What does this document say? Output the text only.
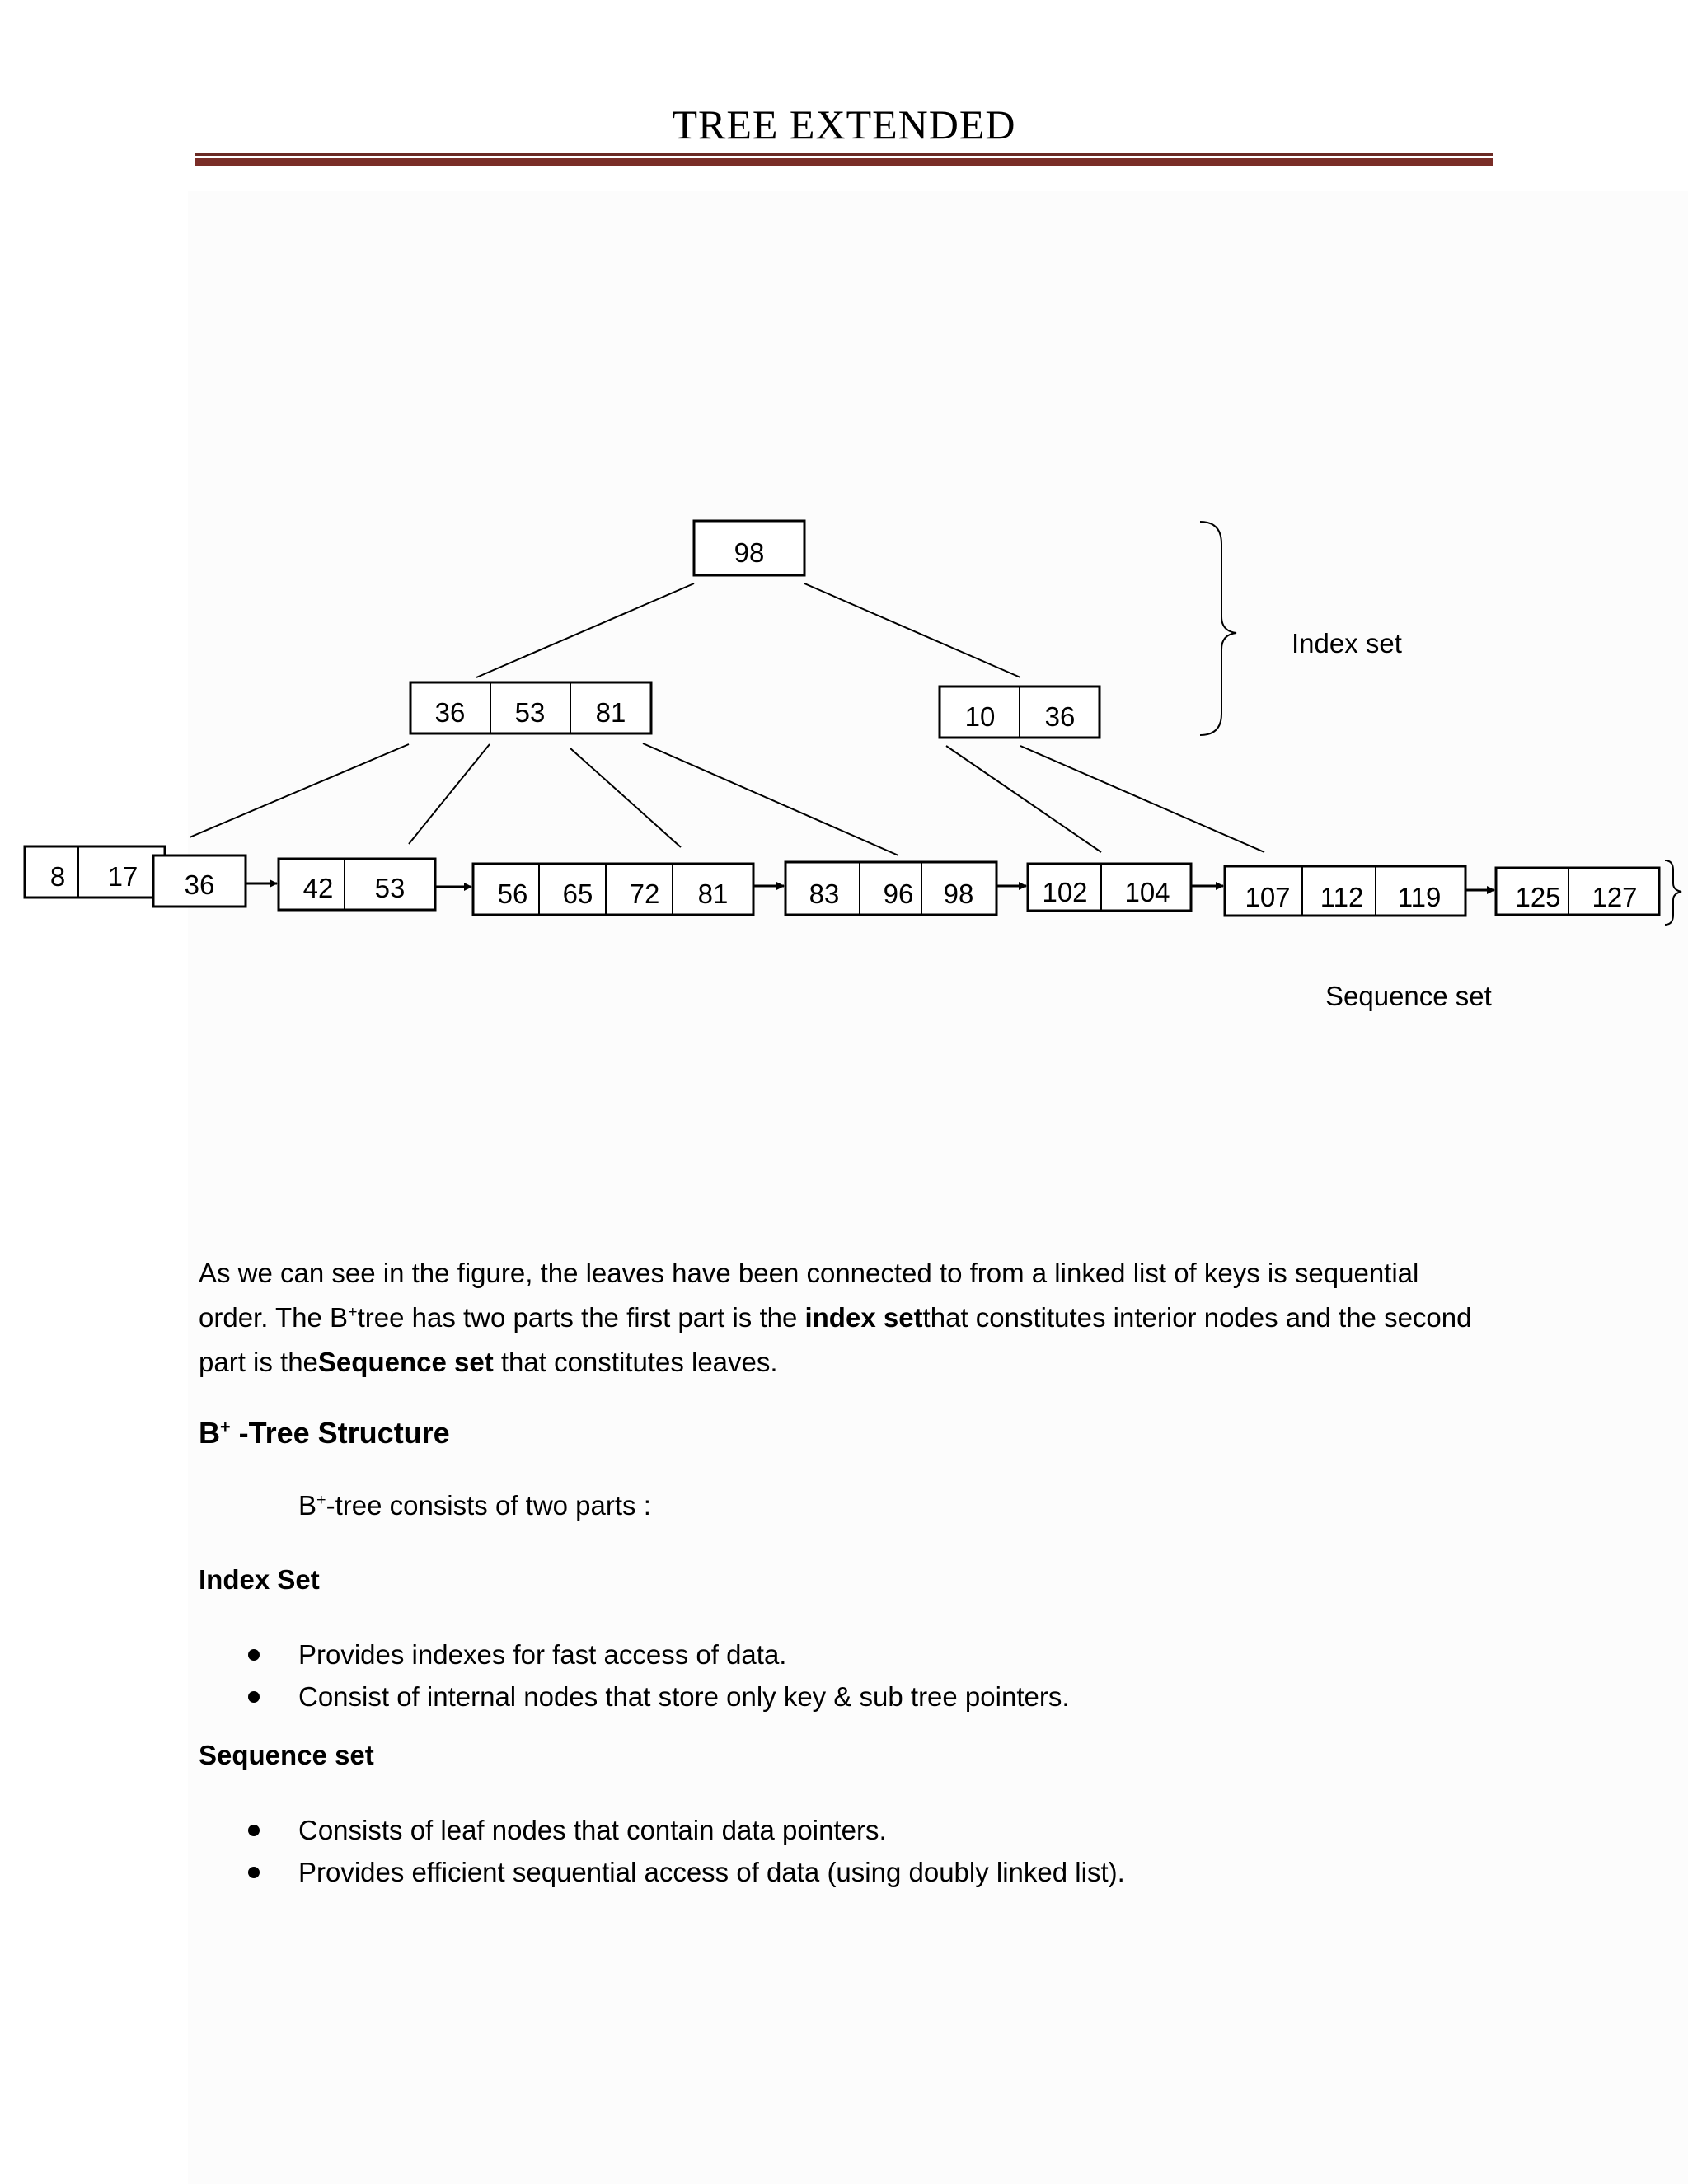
TREE EXTENDED
98
36 53 81	10 36
Index set
8 17 36	42 53	56 65 72 81	83 96 98	102 104	107 112 119	125 127
Sequence set
As we can see in the figure, the leaves have been connected to from a linked list of keys is sequential order. The B+tree has two parts the first part is the index setthat constitutes interior nodes and the second part is theSequence set that constitutes leaves.
B+ -Tree Structure
B+-tree consists of two parts :
Index Set
Provides indexes for fast access of data.
Consist of internal nodes that store only key & sub tree pointers.
Sequence set
Consists of leaf nodes that contain data pointers.
Provides efficient sequential access of data (using doubly linked list).
